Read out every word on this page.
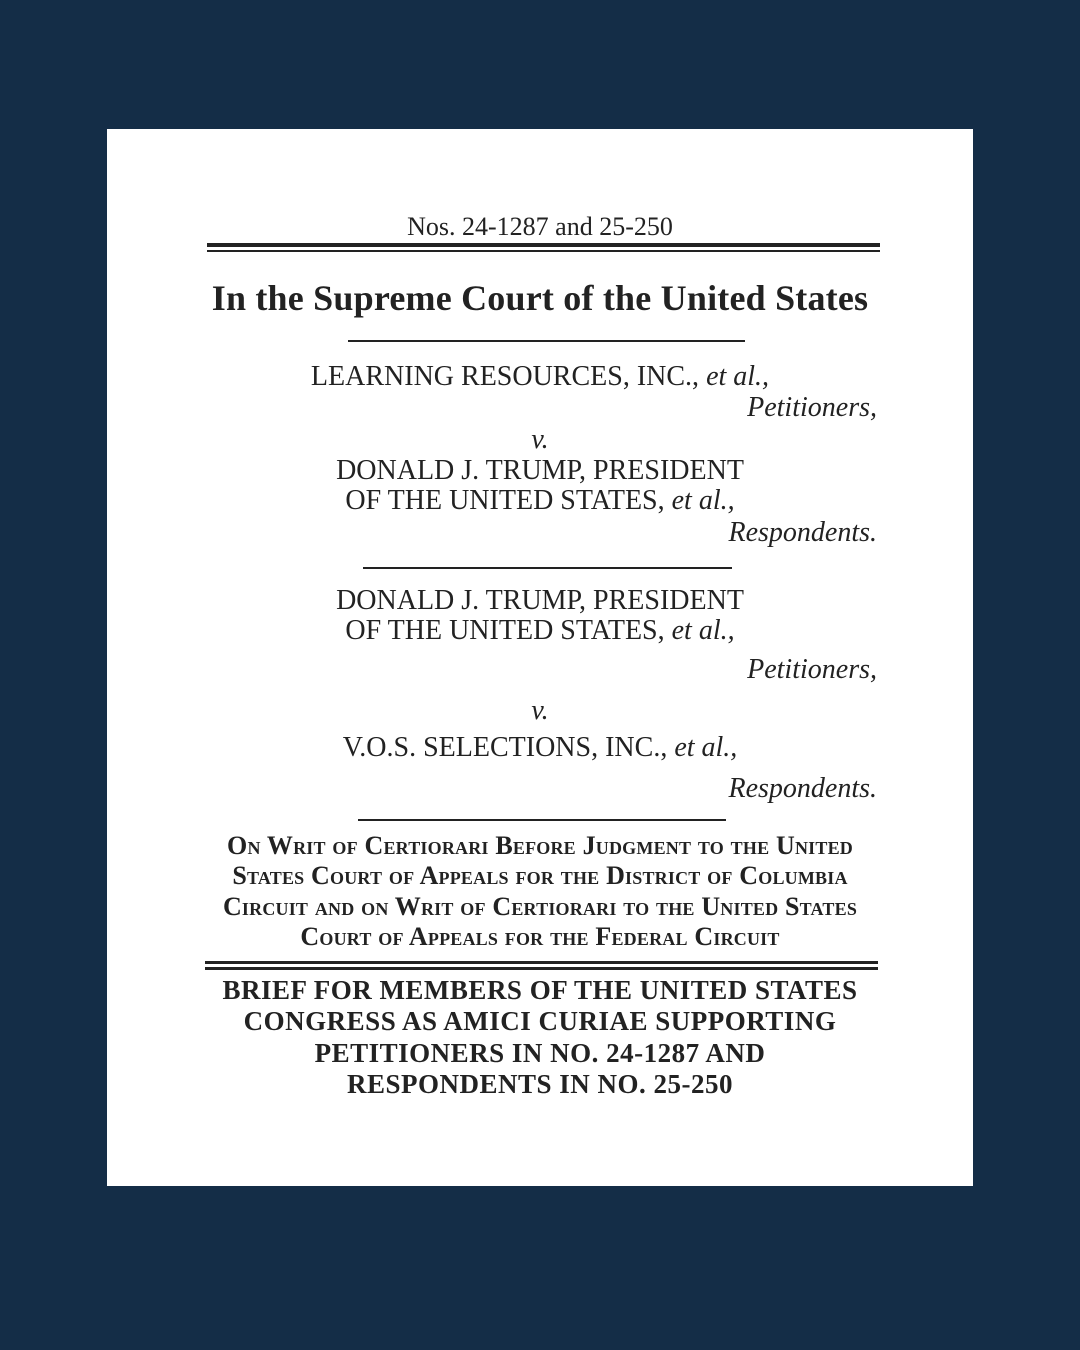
Nos. 24-1287 and 25-250
In the Supreme Court of the United States
LEARNING RESOURCES, INC., et al.,
Petitioners,
v.
DONALD J. TRUMP, PRESIDENT
OF THE UNITED STATES, et al.,
Respondents.
DONALD J. TRUMP, PRESIDENT
OF THE UNITED STATES, et al.,
Petitioners,
v.
V.O.S. SELECTIONS, INC., et al.,
Respondents.
On Writ of Certiorari Before Judgment to the United
States Court of Appeals for the District of Columbia
Circuit and on Writ of Certiorari to the United States
Court of Appeals for the Federal Circuit
BRIEF FOR MEMBERS OF THE UNITED STATES
CONGRESS AS AMICI CURIAE SUPPORTING
PETITIONERS IN NO. 24-1287 AND
RESPONDENTS IN NO. 25-250
